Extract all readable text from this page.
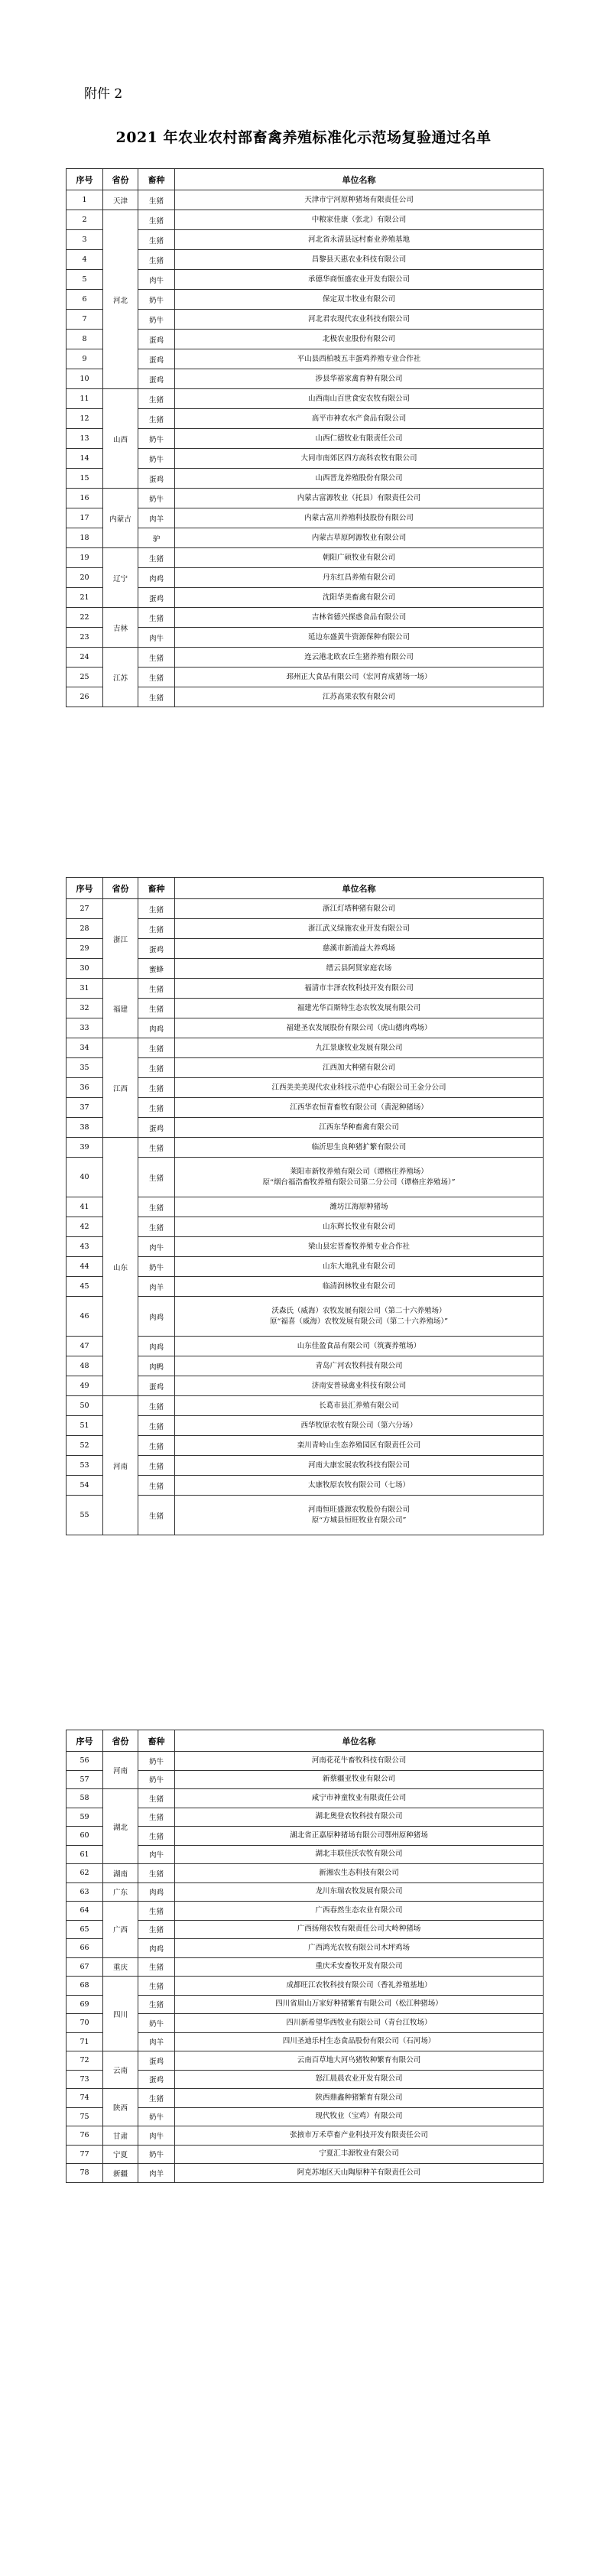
附件 2
2021 年农业农村部畜禽养殖标准化示范场复验通过名单
序号	省份	畜种	单位名称
1	天津	生猪	天津市宁河原种猪场有限责任公司
2	河北	生猪	中粮家佳康（张北）有限公司
3		生猪	河北省永清县远村畜业养殖基地
4		生猪	昌黎县天惠农业科技有限公司
5		肉牛	承德华商恒盛农业开发有限公司
6		奶牛	保定双丰牧业有限公司
7		奶牛	河北君农现代农业科技有限公司
8		蛋鸡	北极农业股份有限公司
9		蛋鸡	平山县西柏坡五丰蛋鸡养殖专业合作社
10		蛋鸡	涉县华裕家禽育种有限公司
11	山西	生猪	山西南山百世食安农牧有限公司
12		生猪	高平市神农水产食品有限公司
13		奶牛	山西仁德牧业有限责任公司
14		奶牛	大同市南郊区四方高科农牧有限公司
15		蛋鸡	山西晋龙养殖股份有限公司
16	内蒙古	奶牛	内蒙古富源牧业（托县）有限责任公司
17		肉羊	内蒙古富川养殖科技股份有限公司
18		驴	内蒙古草原阿源牧业有限公司
19	辽宁	生猪	朝阳广硕牧业有限公司
20		肉鸡	丹东红昌养殖有限公司
21		蛋鸡	沈阳华美畜禽有限公司
22	吉林	生猪	吉林省德兴探惑食品有限公司
23		肉牛	延边东盛黄牛资源保种有限公司
24	江苏	生猪	连云港北欧农丘生猪养殖有限公司
25		生猪	邳州正大食品有限公司（宏河育成猪场一场）
26		生猪	江苏高果农牧有限公司
序号	省份	畜种	单位名称
27	浙江	生猪	浙江灯塔种猪有限公司
28		生猪	浙江武义绿施农业开发有限公司
29		蛋鸡	慈溪市新浦益大养鸡场
30		蜜蜂	缙云县阿贤家庭农场
31	福建	生猪	福清市丰泽农牧科技开发有限公司
32		生猪	福建光华百斯特生态农牧发展有限公司
33		肉鸡	福建圣农发展股份有限公司（虎山德肉鸡场）
34	江西	生猪	九江景康牧业发展有限公司
35		生猪	江西加大种猪有限公司
36		生猪	江西美美美现代农业科技示范中心有限公司王金分公司
37		生猪	江西华农恒青畜牧有限公司（黄泥种猪场）
38		蛋鸡	江西东华种畜禽有限公司
39	山东	生猪	临沂思生良种猪扩繁有限公司
40		生猪	莱阳市新牧养殖有限公司（谭格庄养殖场）
原“烟台福浩畜牧养殖有限公司第二分公司（谭格庄养殖场）”
41		生猪	潍坊江海原种猪场
42		生猪	山东辉长牧业有限公司
43		肉牛	梁山县宏晋畜牧养殖专业合作社
44		奶牛	山东大地乳业有限公司
45		肉羊	临清润林牧业有限公司
46		肉鸡	沃森氏（威海）农牧发展有限公司（第二十六养殖场）
原“福喜（威海）农牧发展有限公司（第二十六养殖场）”
47		肉鸡	山东佳盈食品有限公司（筑赛养殖场）
48		肉鸭	青岛广河农牧科技有限公司
49		蛋鸡	济南安普禄禽业科技有限公司
50	河南	生猪	长葛市县汇养殖有限公司
51		生猪	西华牧原农牧有限公司（第六分场）
52		生猪	栾川青岭山生态养殖园区有限责任公司
53		生猪	河南大康宏展农牧科技有限公司
54		生猪	太康牧原农牧有限公司（七场）
55		生猪	河南恒旺盛源农牧股份有限公司
原“方城县恒旺牧业有限公司”
序号	省份	畜种	单位名称
56	河南	奶牛	河南花花牛畜牧科技有限公司
57		奶牛	新蔡疆亚牧业有限公司
58	湖北	生猪	咸宁市神童牧业有限责任公司
59		生猪	湖北奥登农牧科技有限公司
60		生猪	湖北省正嘉原种猪场有限公司鄂州原种猪场
61		肉牛	湖北丰联佳沃农牧有限公司
62	湖南	生猪	新湘农生态科技有限公司
63	广东	肉鸡	龙川东瑞农牧发展有限公司
64	广西	生猪	广西春然生态农业有限公司
65		生猪	广西扬翔农牧有限责任公司大岭种猪场
66		肉鸡	广西鸿光农牧有限公司木坪鸡场
67	重庆	生猪	重庆禾安畜牧开发有限公司
68	四川	生猪	成都旺江农牧科技有限公司（香礼养殖基地）
69		生猪	四川省眉山万家好种猪繁育有限公司（松江种猪场）
70		奶牛	四川新希望华西牧业有限公司（青台江牧场）
71		肉羊	四川圣迪乐村生态食品股份有限公司（石河场）
72	云南	蛋鸡	云南百草地大河乌猪牧种繁育有限公司
73		蛋鸡	怒江晨晨农业开发有限公司
74	陕西	生猪	陕西鼎鑫种猪繁育有限公司
75		奶牛	现代牧业（宝鸡）有限公司
76	甘肃	肉牛	张掖市万禾草畜产业科技开发有限责任公司
77	宁夏	奶牛	宁夏汇丰源牧业有限公司
78	新疆	肉羊	阿克苏地区天山陶原种羊有限责任公司
